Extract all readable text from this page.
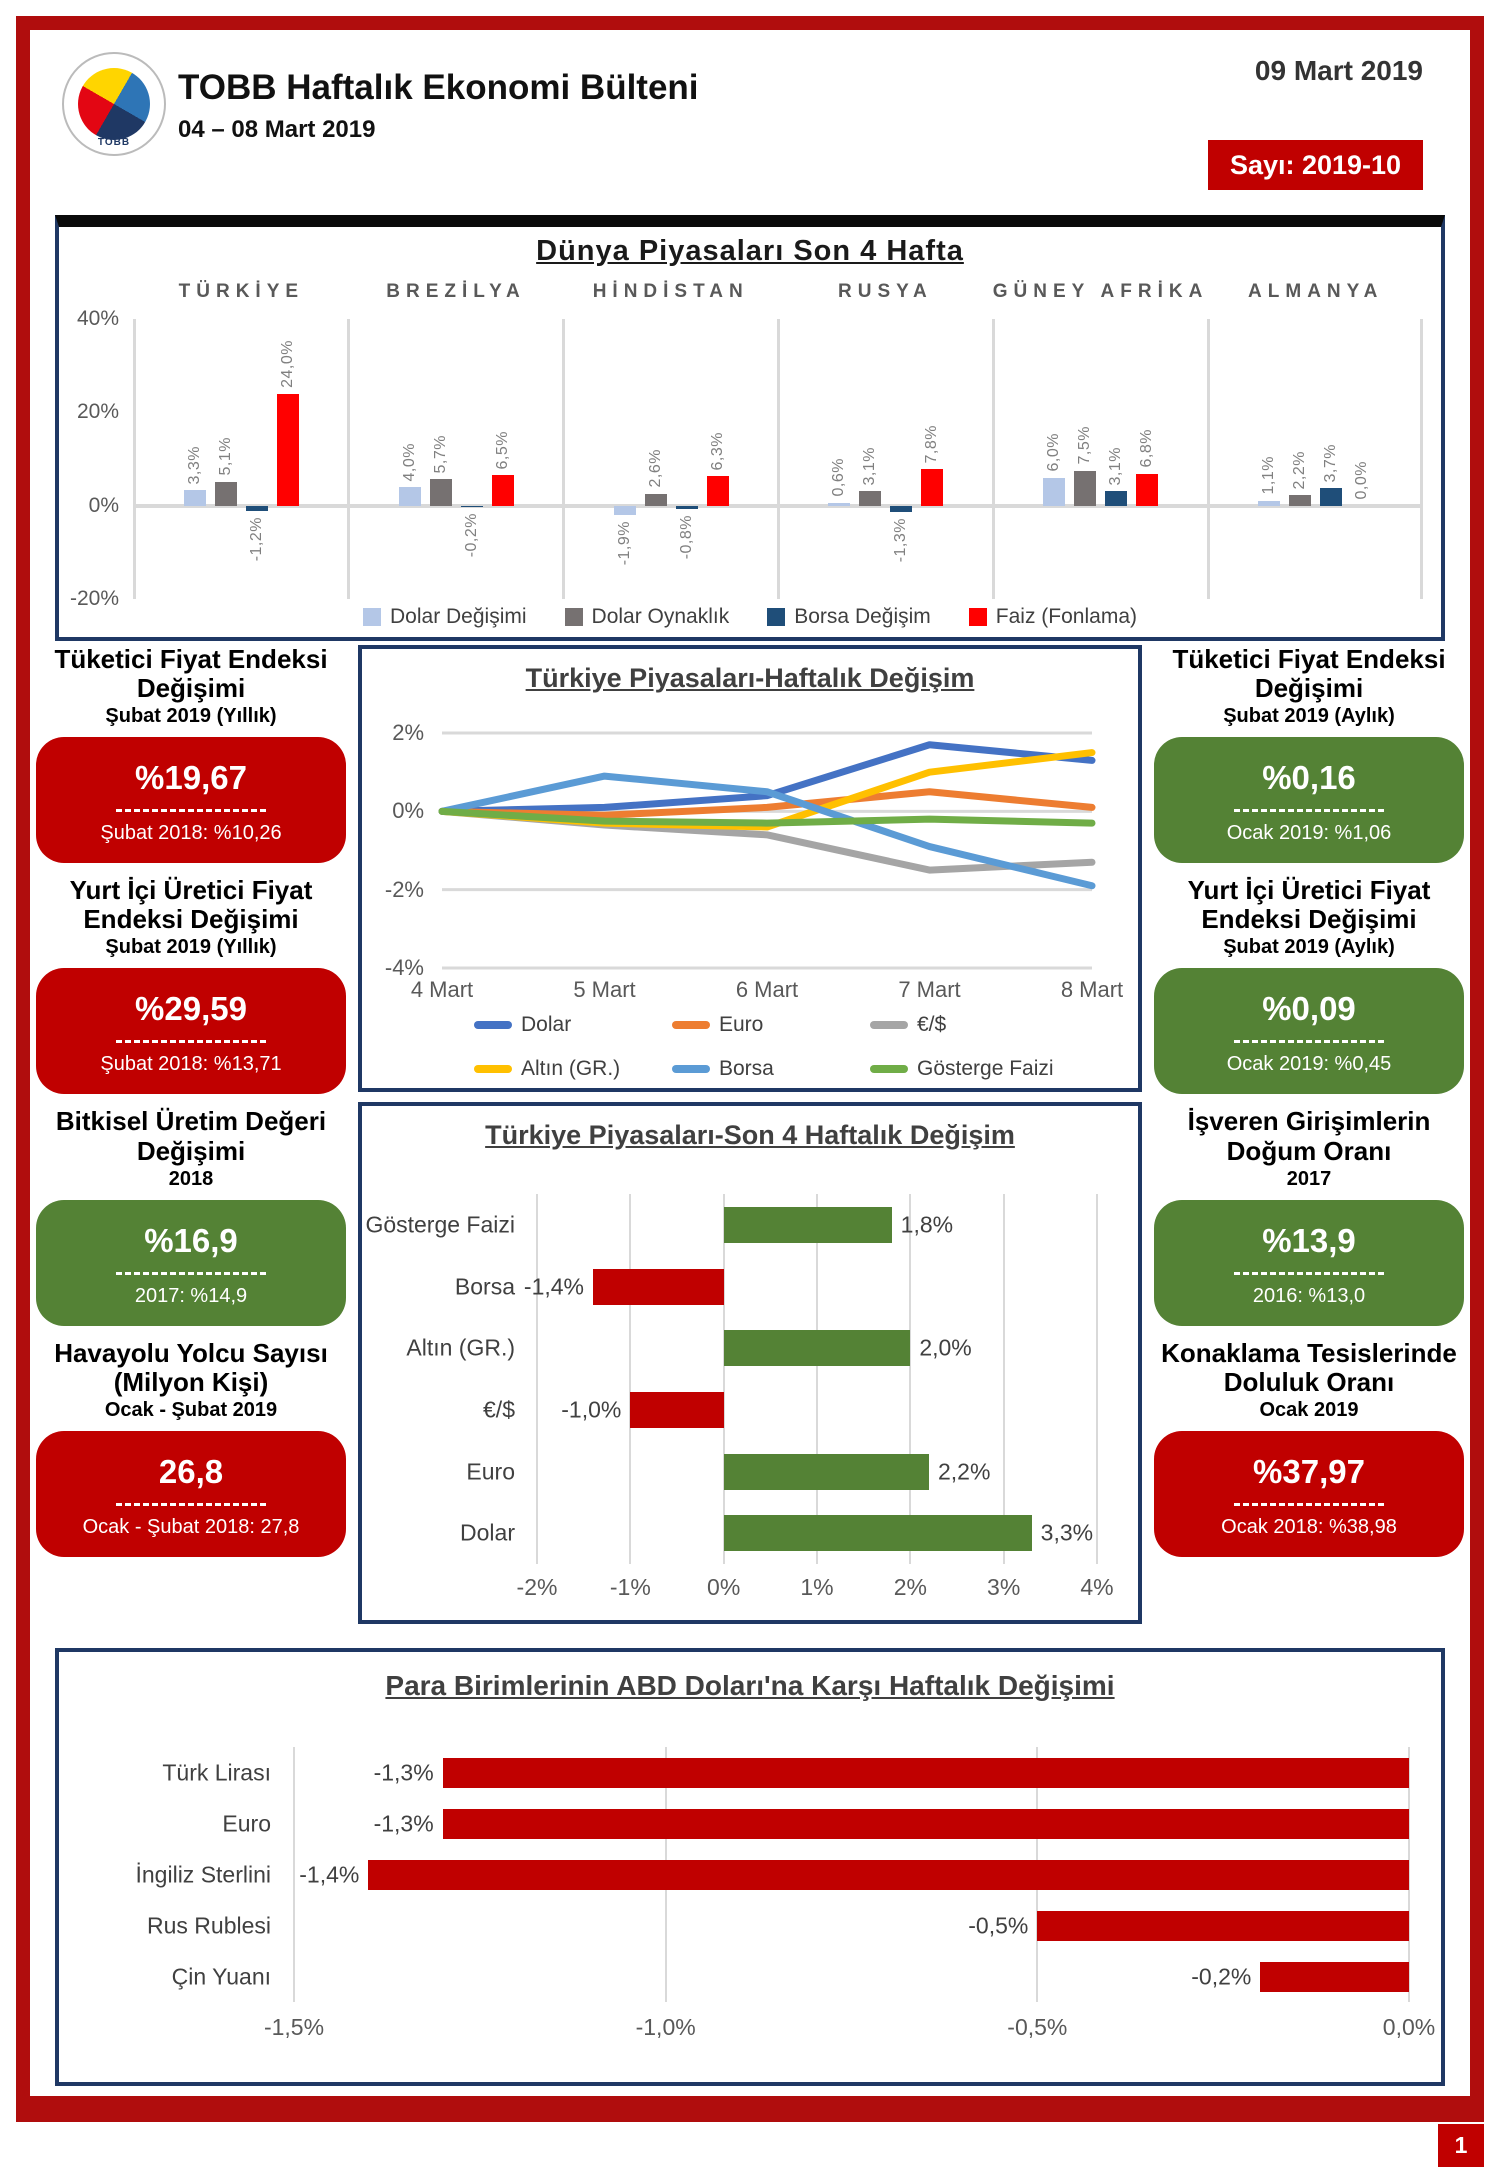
TOBB
TOBB Haftalık Ekonomi Bülteni
04 – 08 Mart 2019
09 Mart 2019
Sayı: 2019-10
Dünya Piyasaları Son 4 Hafta
TÜRKİYE	BREZİLYA	HİNDİSTAN	RUSYA	GÜNEY AFRİKA	ALMANYA
40%
20%
0%
-20%
3,3% 5,1%
-1,2%
24,0%
4,0% 5,7%
-0,2%
6,5%
-1,9%
2,6%
-0,8%
6,3%
0,6% 3,1%
-1,3%
7,8%	6,0% 7,5%
3,1% 6,8%
1,1% 2,2% 3,7% 0,0%
Dolar Değişimi	Dolar Oynaklık	Borsa Değişim	Faiz (Fonlama)
Tüketici Fiyat Endeksi Değişimi
Şubat 2019 (Yıllık)
%19,67
Şubat 2018: %10,26
Yurt İçi Üretici Fiyat Endeksi Değişimi
Şubat 2019 (Yıllık)
%29,59
Şubat 2018: %13,71
Bitkisel Üretim Değeri Değişimi
2018
%16,9
2017: %14,9
Havayolu Yolcu Sayısı (Milyon Kişi)
Ocak - Şubat 2019
26,8
Ocak - Şubat 2018: 27,8
Tüketici Fiyat Endeksi Değişimi
Şubat 2019 (Aylık)
%0,16
Ocak 2019: %1,06
Yurt İçi Üretici Fiyat Endeksi Değişimi
Şubat 2019 (Aylık)
%0,09
Ocak 2019: %0,45
İşveren Girişimlerin Doğum Oranı
2017
%13,9
2016: %13,0
Konaklama Tesislerinde Doluluk Oranı
Ocak 2019
%37,97
Ocak 2018: %38,98
Türkiye Piyasaları-Haftalık Değişim
2%
0%
-2%
-4%
4 Mart	5 Mart	6 Mart	7 Mart	8 Mart
Dolar	Euro	€/$
Altın (GR.)	Borsa	Gösterge Faizi
Türkiye Piyasaları-Son 4 Haftalık Değişim
Gösterge Faizi
Borsa
Altın (GR.)
€/$
Euro
Dolar
1,8%
-1,4%
2,0%
-1,0%
2,2%
3,3%
-2% -1% 0%	1%	2%	3%	4%
Para Birimlerinin ABD Doları'na Karşı Haftalık Değişimi
Türk Lirası
Euro
İngiliz Sterlini
Rus Rublesi
Çin Yuanı
-1,3%
-1,3%
-1,4%
-0,5%
-0,2%
-1,5%	-1,0%	-0,5%	0,0%
1
